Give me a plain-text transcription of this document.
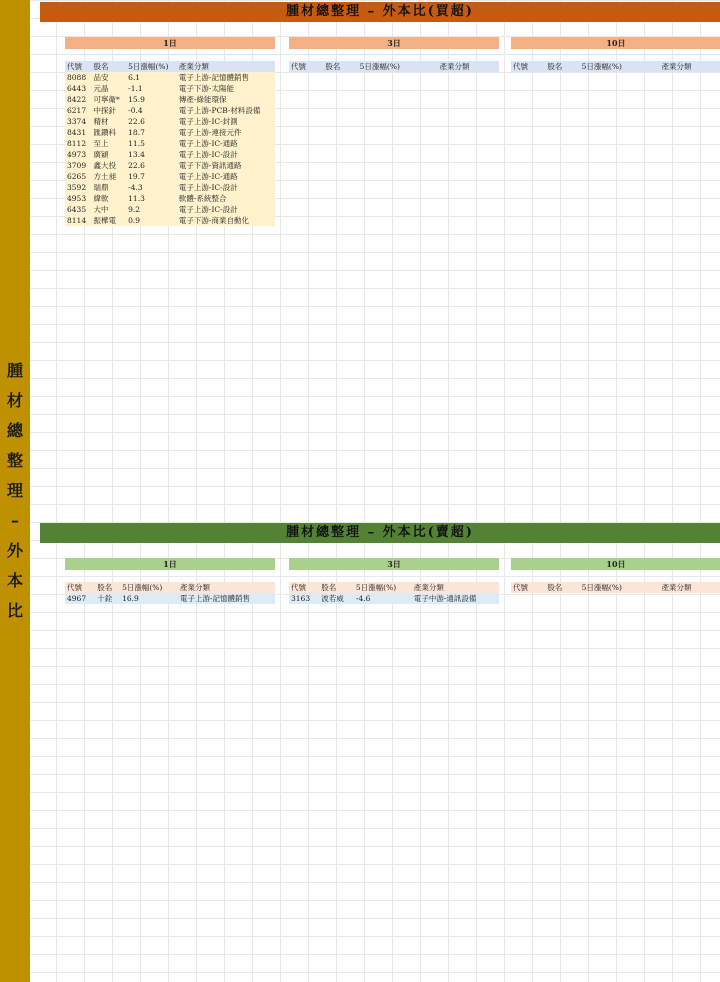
腫
材
總
整
理
–
外
本
比
腫材總整理 – 外本比(買超)
1日
代號	股名	5日漲幅(%)	產業分類
8088	品安	6.1	電子上游-記憶體銷售
6443	元晶	-1.1	電子下游-太陽能
8422	可寧衛*	15.9	傳產-綠能環保
6217	中探針	-0.4	電子上游-PCB-材料設備
3374	精材	22.6	電子上游-IC-封測
8431	匯鑽科	18.7	電子上游-連接元件
8112	至上	11.5	電子上游-IC-通路
4973	廣穎	13.4	電子上游-IC-設計
3709	鑫大投	22.6	電子下游-資訊通路
6265	方土昶	19.7	電子上游-IC-通路
3592	瑞鼎	-4.3	電子上游-IC-設計
4953	緯軟	11.3	軟體-系統整合
6435	大中	9.2	電子上游-IC-設計
8114	振樺電	0.9	電子下游-商業自動化
3日
代號	股名	5日漲幅(%)	產業分類
10日
代號	股名	5日漲幅(%)	產業分類
腫材總整理 – 外本比(賣超)
1日
代號	股名	5日漲幅(%)	產業分類
4967	十銓	16.9	電子上游-記憶體銷售
3日
代號	股名	5日漲幅(%)	產業分類
3163	波若威	-4.6	電子中游-通訊設備
10日
代號	股名	5日漲幅(%)	產業分類
